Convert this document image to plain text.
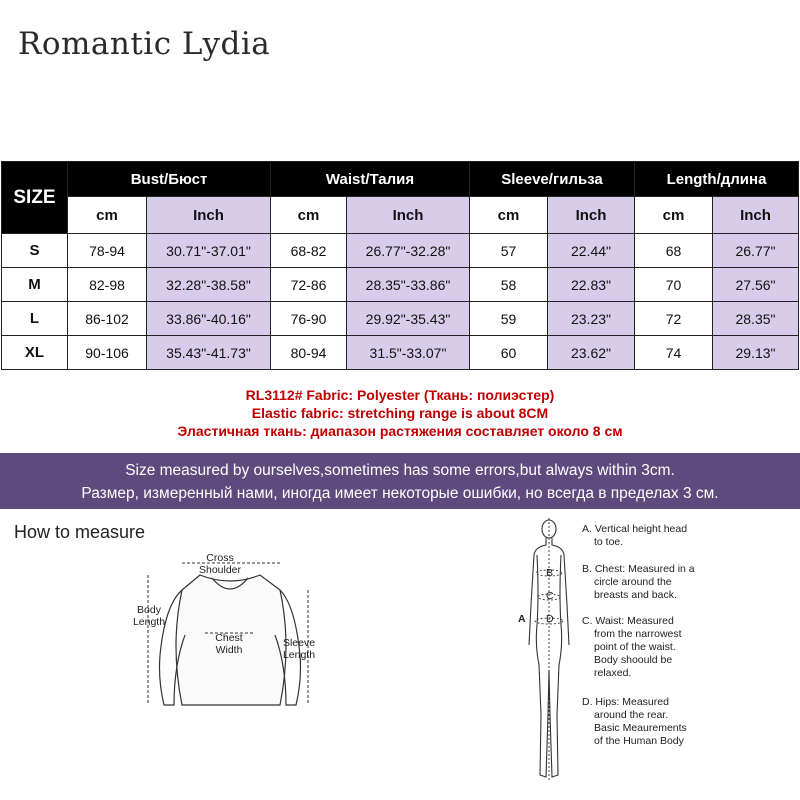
Romantic Lydia
SIZE	Bust/Бюст		Waist/Талия		Sleeve/гильза		Length/длина	
	cm	Inch	cm	Inch	cm	Inch	cm	Inch
S	78-94	30.71"-37.01"	68-82	26.77"-32.28"	57	22.44"	68	26.77"
M	82-98	32.28"-38.58"	72-86	28.35"-33.86"	58	22.83"	70	27.56"
L	86-102	33.86"-40.16"	76-90	29.92"-35.43"	59	23.23"	72	28.35"
XL	90-106	35.43"-41.73"	80-94	31.5"-33.07"	60	23.62"	74	29.13"
RL3112# Fabric: Polyester (Ткань: полиэстер)
Elastic fabric: stretching range is about 8CM
Эластичная ткань: диапазон растяжения составляет около 8 см
Size measured by ourselves,sometimes has some errors,but always within 3cm.
Размер, измеренный нами, иногда имеет некоторые ошибки, но всегда в пределах 3 см.
How to measure
Cross
Shoulder
Body
Length
Chest
Width
Sleeve
Length
A
B
C
D
A. Vertical height head
to toe.
B. Chest: Measured in a
circle around the
breasts and back.
C. Waist: Measured
from the narrowest
point of the waist.
Body shoould be
relaxed.
D. Hips: Measured
around the rear.
Basic Meaurements
of the Human Body
